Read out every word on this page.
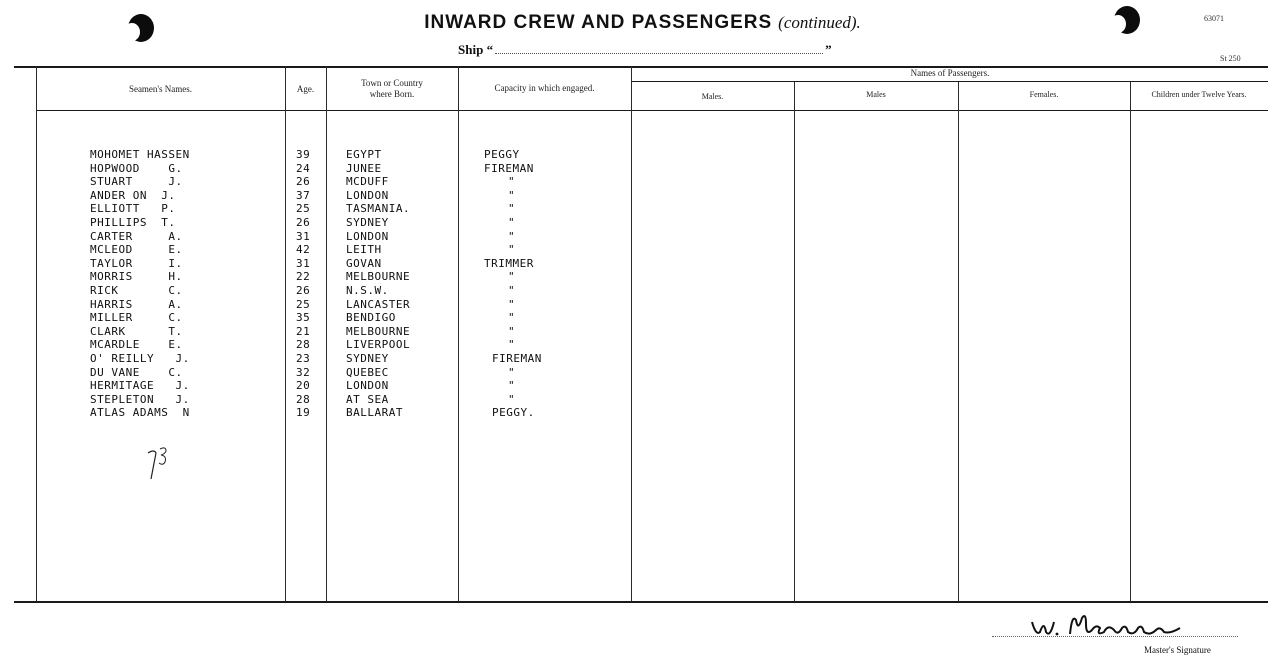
63071
St 250
INWARD CREW AND PASSENGERS (continued).
Ship “	”
Seamen's Names.	Age.
Town or Country where Born.
Capacity in which engaged.
Names of Passengers.
Males.	Males	Females.	Children under Twelve Years.
MOHOMET HASSEN	39	EGYPT	PEGGY
HOPWOOD    G.	24	JUNEE	FIREMAN
STUART     J.	26	MCDUFF	"
ANDER ON  J.	37	LONDON	"
ELLIOTT   P.	25	TASMANIA.	"
PHILLIPS  T.	26	SYDNEY	"
CARTER     A.	31	LONDON	"
MCLEOD     E.	42	LEITH	"
TAYLOR     I.	31	GOVAN	TRIMMER
MORRIS     H.	22	MELBOURNE	"
RICK       C.	26	N.S.W.	"
HARRIS     A.	25	LANCASTER	"
MILLER     C.	35	BENDIGO	"
CLARK      T.	21	MELBOURNE	"
MCARDLE    E.	28	LIVERPOOL	"
O' REILLY   J.	23	SYDNEY	FIREMAN
DU VANE    C.	32	QUEBEC	"
HERMITAGE   J.	20	LONDON	"
STEPLETON   J.	28	AT SEA	"
ATLAS ADAMS  N	19	BALLARAT	PEGGY.
Master's Signature
